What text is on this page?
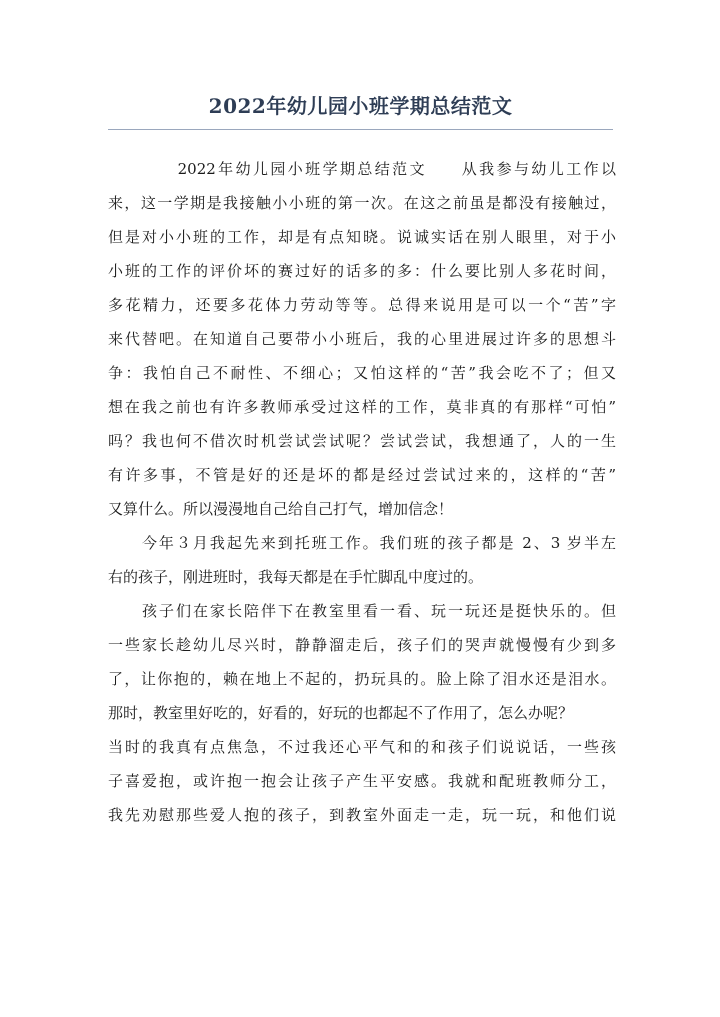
2022年幼儿园小班学期总结范文
　　　　2022年幼儿园小班学期总结范文　　从我参与幼儿工作以
来，这一学期是我接触小小班的第一次。在这之前虽是都没有接触过，
但是对小小班的工作，却是有点知晓。说诚实话在别人眼里，对于小
小班的工作的评价坏的赛过好的话多的多：什么要比别人多花时间，
多花精力，还要多花体力劳动等等。总得来说用是可以一个“苦”字
来代替吧。在知道自己要带小小班后，我的心里进展过许多的思想斗
争：我怕自己不耐性、不细心；又怕这样的“苦”我会吃不了；但又
想在我之前也有许多教师承受过这样的工作，莫非真的有那样“可怕”
吗？我也何不借次时机尝试尝试呢？尝试尝试，我想通了，人的一生
有许多事，不管是好的还是坏的都是经过尝试过来的，这样的“苦”
又算什么。所以漫漫地自己给自己打气，增加信念！
　　今年３月我起先来到托班工作。我们班的孩子都是 2、3 岁半左
右的孩子，刚进班时，我每天都是在手忙脚乱中度过的。
　　孩子们在家长陪伴下在教室里看一看、玩一玩还是挺快乐的。但
一些家长趁幼儿尽兴时，静静溜走后，孩子们的哭声就慢慢有少到多
了，让你抱的，赖在地上不起的，扔玩具的。脸上除了泪水还是泪水。
那时，教室里好吃的，好看的，好玩的也都起不了作用了，怎么办呢？
当时的我真有点焦急，不过我还心平气和的和孩子们说说话，一些孩
子喜爱抱，或许抱一抱会让孩子产生平安感。我就和配班教师分工，
我先劝慰那些爱人抱的孩子，到教室外面走一走，玩一玩，和他们说
